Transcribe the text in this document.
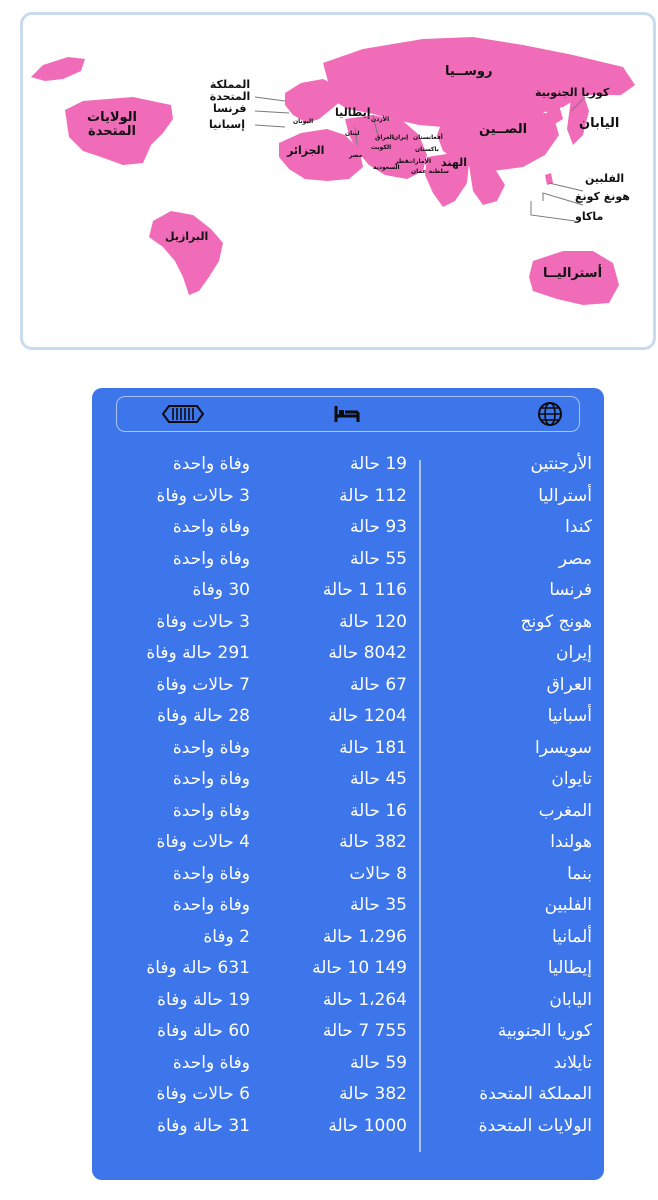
الولايات المتحدة
المملكة المتحدة
فرنسا
إسبانيا	اليونان
إيطاليا
الجزائر
البرازيل
روســيا
الصــين
الهند
كوريا الجنوبية
اليابان
الفلبين
هونغ كونغ
ماكاو
أستراليــا
لبنان
الأردن
مصر
إيران
العراق
الكويت
السعودية
باكستان
أفغانستان
سلطنة عمان
الإمارات
قطر
الأرجنتين
19 حالة
وفاة واحدة
أستراليا
112 حالة
3 حالات وفاة
كندا
93 حالة
وفاة واحدة
مصر
55 حالة
وفاة واحدة
فرنسا
116 1 حالة
30 وفاة
هونج كونج
120 حالة
3 حالات وفاة
إيران
8042 حالة
291 حالة وفاة
العراق
67 حالة
7 حالات وفاة
أسبانيا
1204 حالة
28 حالة وفاة
سويسرا
181 حالة
وفاة واحدة
تايوان
45 حالة
وفاة واحدة
المغرب
16 حالة
وفاة واحدة
هولندا
382 حالة
4 حالات وفاة
بنما
8 حالات
وفاة واحدة
الفلبين
35 حالة
وفاة واحدة
ألمانيا
1،296 حالة
2 وفاة
إيطاليا
149 10 حالة
631 حالة وفاة
اليابان
1،264 حالة
19 حالة وفاة
كوريا الجنوبية
755 7 حالة
60 حالة وفاة
تايلاند
59 حالة
وفاة واحدة
المملكة المتحدة
382 حالة
6 حالات وفاة
الولايات المتحدة
1000 حالة
31 حالة وفاة
